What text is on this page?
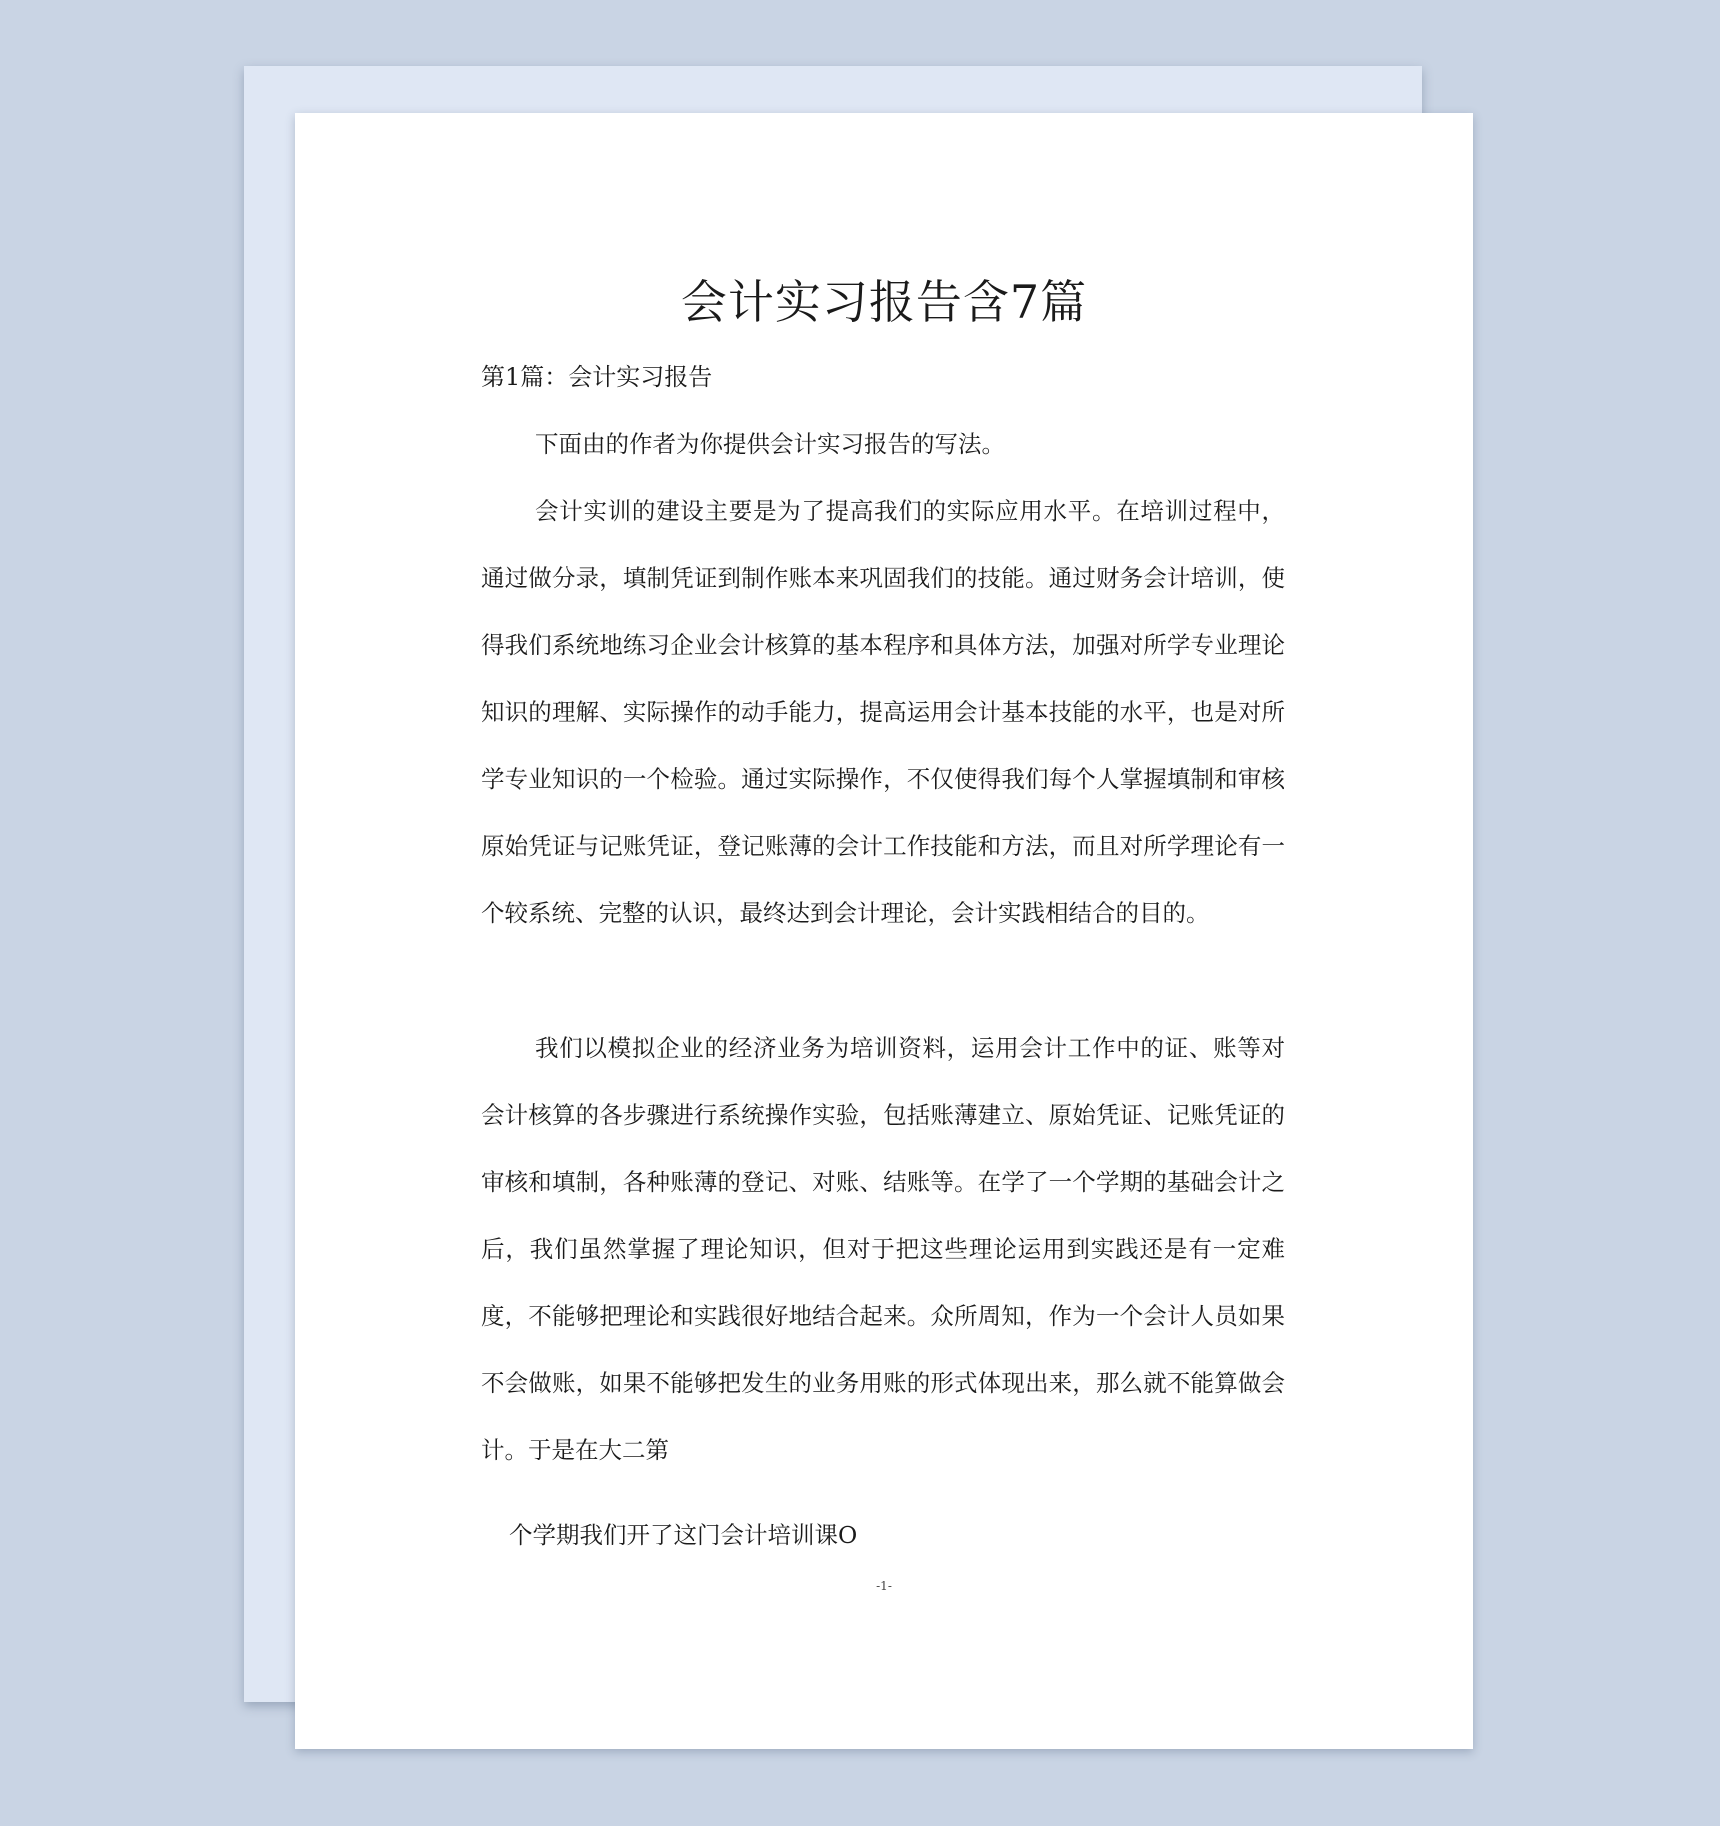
会计实习报告含7篇
第1篇：会计实习报告

下面由的作者为你提供会计实习报告的写法。

会计实训的建设主要是为了提高我们的实际应用水平。在培训过程中，通过做分录，填制凭证到制作账本来巩固我们的技能。通过财务会计培训，使得我们系统地练习企业会计核算的基本程序和具体方法，加强对所学专业理论知识的理解、实际操作的动手能力，提高运用会计基本技能的水平，也是对所学专业知识的一个检验。通过实际操作，不仅使得我们每个人掌握填制和审核原始凭证与记账凭证，登记账薄的会计工作技能和方法，而且对所学理论有一个较系统、完整的认识，最终达到会计理论，会计实践相结合的目的。

我们以模拟企业的经济业务为培训资料，运用会计工作中的证、账等对会计核算的各步骤进行系统操作实验，包括账薄建立、原始凭证、记账凭证的审核和填制，各种账薄的登记、对账、结账等。在学了一个学期的基础会计之后，我们虽然掌握了理论知识，但对于把这些理论运用到实践还是有一定难度，不能够把理论和实践很好地结合起来。众所周知，作为一个会计人员如果不会做账，如果不能够把发生的业务用账的形式体现出来，那么就不能算做会计。于是在大二第

个学期我们开了这门会计培训课O

-1-
